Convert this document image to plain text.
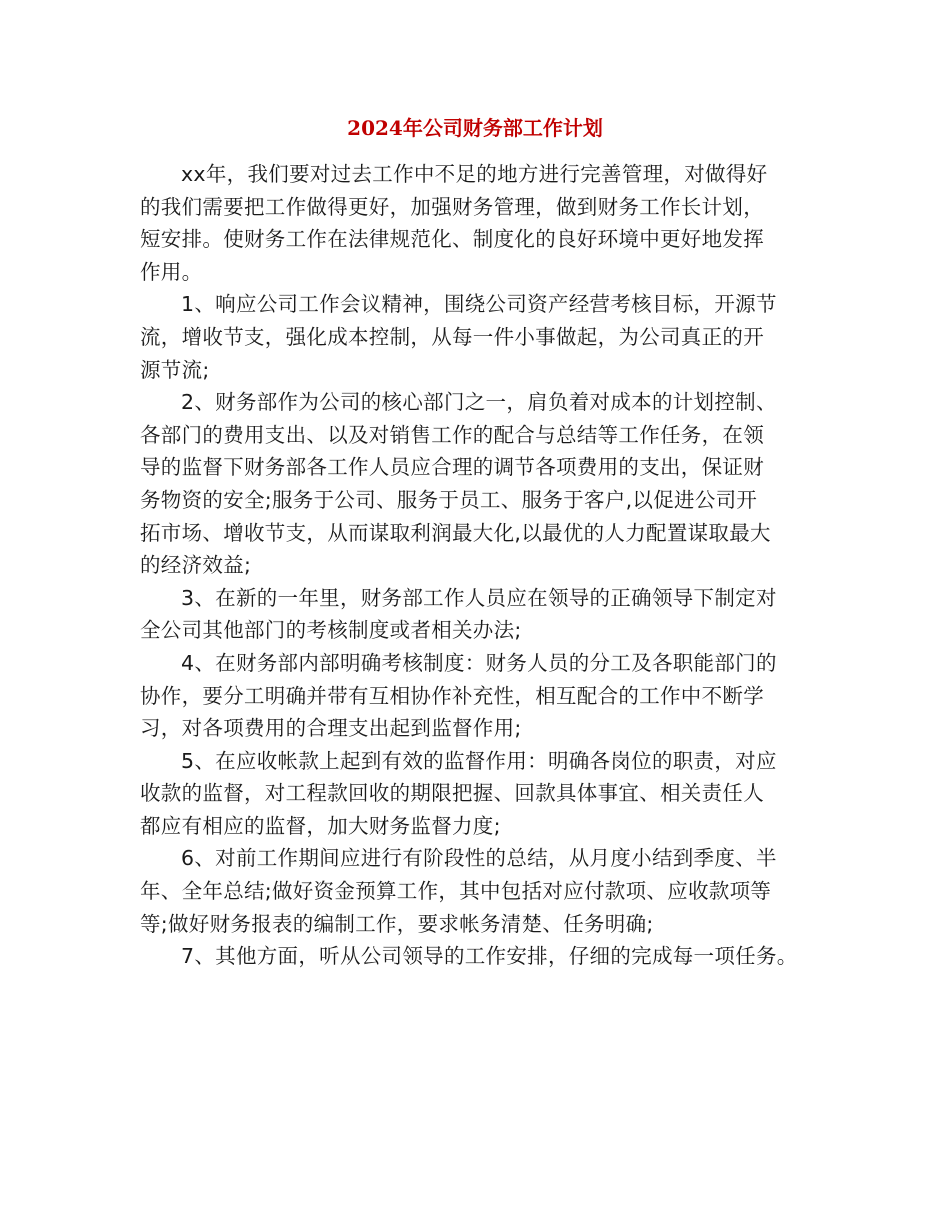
2024年公司财务部工作计划

xx年，我们要对过去工作中不足的地方进行完善管理，对做得好
的我们需要把工作做得更好，加强财务管理，做到财务工作长计划，
短安排。使财务工作在法律规范化、制度化的良好环境中更好地发挥
作用。

1、响应公司工作会议精神，围绕公司资产经营考核目标，开源节
流，增收节支，强化成本控制，从每一件小事做起，为公司真正的开
源节流;

2、财务部作为公司的核心部门之一，肩负着对成本的计划控制、
各部门的费用支出、以及对销售工作的配合与总结等工作任务，在领
导的监督下财务部各工作人员应合理的调节各项费用的支出，保证财
务物资的安全;服务于公司、服务于员工、服务于客户,以促进公司开
拓市场、增收节支，从而谋取利润最大化,以最优的人力配置谋取最大
的经济效益;

3、在新的一年里，财务部工作人员应在领导的正确领导下制定对
全公司其他部门的考核制度或者相关办法;

4、在财务部内部明确考核制度：财务人员的分工及各职能部门的
协作，要分工明确并带有互相协作补充性，相互配合的工作中不断学
习，对各项费用的合理支出起到监督作用;

5、在应收帐款上起到有效的监督作用：明确各岗位的职责，对应
收款的监督，对工程款回收的期限把握、回款具体事宜、相关责任人
都应有相应的监督，加大财务监督力度;

6、对前工作期间应进行有阶段性的总结，从月度小结到季度、半
年、全年总结;做好资金预算工作，其中包括对应付款项、应收款项等
等;做好财务报表的编制工作，要求帐务清楚、任务明确;

7、其他方面，听从公司领导的工作安排，仔细的完成每一项任务。
